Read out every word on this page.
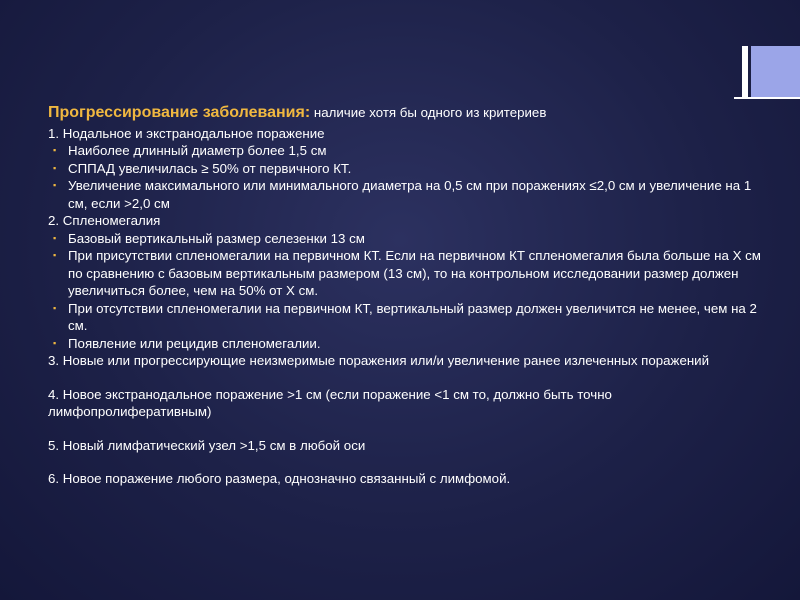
Прогрессирование заболевания: наличие хотя бы одного из критериев

1. Нодальное и экстранодальное поражение

▪ Наиболее длинный диаметр более 1,5 см
▪ СППАД увеличилась ≥ 50% от первичного КТ.
▪ Увеличение максимального или минимального диаметра на 0,5 см при поражениях ≤2,0 см и увеличение на 1 см, если >2,0 см

2. Спленомегалия

▪ Базовый вертикальный размер селезенки 13 см
▪ При присутствии спленомегалии на первичном КТ. Если на первичном КТ спленомегалия была больше на Х см по сравнению с базовым вертикальным размером (13 см), то на контрольном исследовании размер должен увеличиться более, чем на 50% от Х см.
▪ При отсутствии спленомегалии на первичном КТ, вертикальный размер должен увеличится не менее, чем на 2 см.
▪ Появление или рецидив спленомегалии.

3. Новые или прогрессирующие неизмеримые поражения или/и увеличение ранее излеченных поражений

4. Новое экстранодальное поражение >1 см (если поражение <1 см то, должно быть точно лимфопролиферативным)

5. Новый лимфатический узел >1,5 см в любой оси

6. Новое поражение любого размера, однозначно связанный с лимфомой.
